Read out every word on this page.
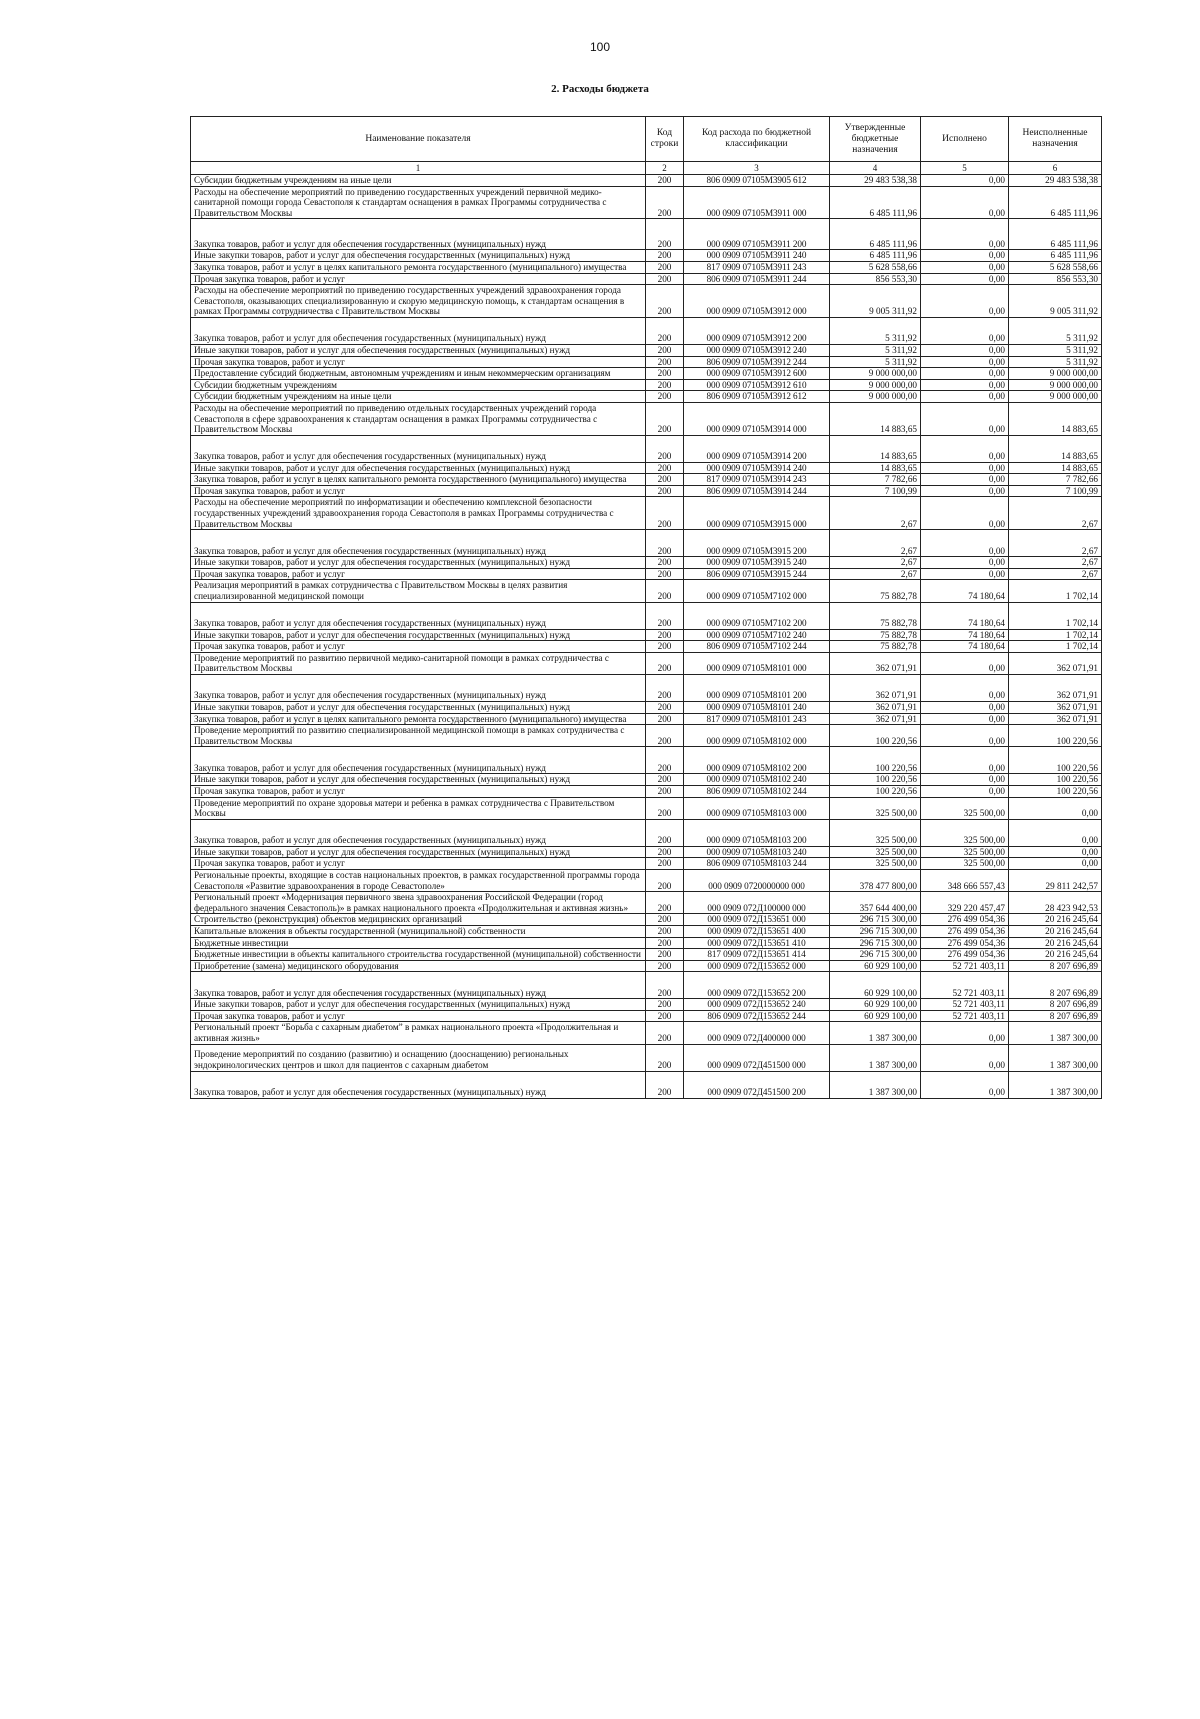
100
2. Расходы бюджета
Наименование показателя	Код строки	Код расхода по бюджетной классификации	Утвержденные бюджетные назначения	Исполнено	Неисполненные назначения
1	2	3	4	5	6
Субсидии бюджетным учреждениям на иные цели	200	806 0909 07105М3905 612	29 483 538,38	0,00	29 483 538,38
Расходы на обеспечение мероприятий по приведению государственных учреждений первичной медико-санитарной помощи города Севастополя к стандартам оснащения в рамках Программы сотрудничества с Правительством Москвы	200	000 0909 07105М3911 000	6 485 111,96	0,00	6 485 111,96
Закупка товаров, работ и услуг для обеспечения государственных (муниципальных) нужд	200	000 0909 07105М3911 200	6 485 111,96	0,00	6 485 111,96
Иные закупки товаров, работ и услуг для обеспечения государственных (муниципальных) нужд	200	000 0909 07105М3911 240	6 485 111,96	0,00	6 485 111,96
Закупка товаров, работ и услуг в целях капитального ремонта государственного (муниципального) имущества	200	817 0909 07105М3911 243	5 628 558,66	0,00	5 628 558,66
Прочая закупка товаров, работ и услуг	200	806 0909 07105М3911 244	856 553,30	0,00	856 553,30
Расходы на обеспечение мероприятий по приведению государственных учреждений здравоохранения города Севастополя, оказывающих специализированную и скорую медицинскую помощь, к стандартам оснащения в рамках Программы сотрудничества с Правительством Москвы	200	000 0909 07105М3912 000	9 005 311,92	0,00	9 005 311,92
Закупка товаров, работ и услуг для обеспечения государственных (муниципальных) нужд	200	000 0909 07105М3912 200	5 311,92	0,00	5 311,92
Иные закупки товаров, работ и услуг для обеспечения государственных (муниципальных) нужд	200	000 0909 07105М3912 240	5 311,92	0,00	5 311,92
Прочая закупка товаров, работ и услуг	200	806 0909 07105М3912 244	5 311,92	0,00	5 311,92
Предоставление субсидий бюджетным, автономным учреждениям и иным некоммерческим организациям	200	000 0909 07105М3912 600	9 000 000,00	0,00	9 000 000,00
Субсидии бюджетным учреждениям	200	000 0909 07105М3912 610	9 000 000,00	0,00	9 000 000,00
Субсидии бюджетным учреждениям на иные цели	200	806 0909 07105М3912 612	9 000 000,00	0,00	9 000 000,00
Расходы на обеспечение мероприятий по приведению отдельных государственных учреждений города Севастополя в сфере здравоохранения к стандартам оснащения в рамках Программы сотрудничества с Правительством Москвы	200	000 0909 07105М3914 000	14 883,65	0,00	14 883,65
Закупка товаров, работ и услуг для обеспечения государственных (муниципальных) нужд	200	000 0909 07105М3914 200	14 883,65	0,00	14 883,65
Иные закупки товаров, работ и услуг для обеспечения государственных (муниципальных) нужд	200	000 0909 07105М3914 240	14 883,65	0,00	14 883,65
Закупка товаров, работ и услуг в целях капитального ремонта государственного (муниципального) имущества	200	817 0909 07105М3914 243	7 782,66	0,00	7 782,66
Прочая закупка товаров, работ и услуг	200	806 0909 07105М3914 244	7 100,99	0,00	7 100,99
Расходы на обеспечение мероприятий по информатизации и обеспечению комплексной безопасности государственных учреждений здравоохранения города Севастополя в рамках Программы сотрудничества с Правительством Москвы	200	000 0909 07105М3915 000	2,67	0,00	2,67
Закупка товаров, работ и услуг для обеспечения государственных (муниципальных) нужд	200	000 0909 07105М3915 200	2,67	0,00	2,67
Иные закупки товаров, работ и услуг для обеспечения государственных (муниципальных) нужд	200	000 0909 07105М3915 240	2,67	0,00	2,67
Прочая закупка товаров, работ и услуг	200	806 0909 07105М3915 244	2,67	0,00	2,67
Реализация мероприятий в рамках сотрудничества с Правительством Москвы в целях развития специализированной медицинской помощи	200	000 0909 07105М7102 000	75 882,78	74 180,64	1 702,14
Закупка товаров, работ и услуг для обеспечения государственных (муниципальных) нужд	200	000 0909 07105М7102 200	75 882,78	74 180,64	1 702,14
Иные закупки товаров, работ и услуг для обеспечения государственных (муниципальных) нужд	200	000 0909 07105М7102 240	75 882,78	74 180,64	1 702,14
Прочая закупка товаров, работ и услуг	200	806 0909 07105М7102 244	75 882,78	74 180,64	1 702,14
Проведение мероприятий по развитию первичной медико-санитарной помощи в рамках сотрудничества с Правительством Москвы	200	000 0909 07105М8101 000	362 071,91	0,00	362 071,91
Закупка товаров, работ и услуг для обеспечения государственных (муниципальных) нужд	200	000 0909 07105М8101 200	362 071,91	0,00	362 071,91
Иные закупки товаров, работ и услуг для обеспечения государственных (муниципальных) нужд	200	000 0909 07105М8101 240	362 071,91	0,00	362 071,91
Закупка товаров, работ и услуг в целях капитального ремонта государственного (муниципального) имущества	200	817 0909 07105М8101 243	362 071,91	0,00	362 071,91
Проведение мероприятий по развитию специализированной медицинской помощи в рамках сотрудничества с Правительством Москвы	200	000 0909 07105М8102 000	100 220,56	0,00	100 220,56
Закупка товаров, работ и услуг для обеспечения государственных (муниципальных) нужд	200	000 0909 07105М8102 200	100 220,56	0,00	100 220,56
Иные закупки товаров, работ и услуг для обеспечения государственных (муниципальных) нужд	200	000 0909 07105М8102 240	100 220,56	0,00	100 220,56
Прочая закупка товаров, работ и услуг	200	806 0909 07105М8102 244	100 220,56	0,00	100 220,56
Проведение мероприятий по охране здоровья матери и ребенка в рамках сотрудничества с Правительством Москвы	200	000 0909 07105М8103 000	325 500,00	325 500,00	0,00
Закупка товаров, работ и услуг для обеспечения государственных (муниципальных) нужд	200	000 0909 07105М8103 200	325 500,00	325 500,00	0,00
Иные закупки товаров, работ и услуг для обеспечения государственных (муниципальных) нужд	200	000 0909 07105М8103 240	325 500,00	325 500,00	0,00
Прочая закупка товаров, работ и услуг	200	806 0909 07105М8103 244	325 500,00	325 500,00	0,00
Региональные проекты, входящие в состав национальных проектов, в рамках государственной программы города Севастополя «Развитие здравоохранения в городе Севастополе»	200	000 0909 0720000000 000	378 477 800,00	348 666 557,43	29 811 242,57
Региональный проект «Модернизация первичного звена здравоохранения Российской Федерации (город федерального значения Севастополь)» в рамках национального проекта «Продолжительная и активная жизнь»	200	000 0909 072Д100000 000	357 644 400,00	329 220 457,47	28 423 942,53
Строительство (реконструкция) объектов медицинских организаций	200	000 0909 072Д153651 000	296 715 300,00	276 499 054,36	20 216 245,64
Капитальные вложения в объекты государственной (муниципальной) собственности	200	000 0909 072Д153651 400	296 715 300,00	276 499 054,36	20 216 245,64
Бюджетные инвестиции	200	000 0909 072Д153651 410	296 715 300,00	276 499 054,36	20 216 245,64
Бюджетные инвестиции в объекты капитального строительства государственной (муниципальной) собственности	200	817 0909 072Д153651 414	296 715 300,00	276 499 054,36	20 216 245,64
Приобретение (замена) медицинского оборудования	200	000 0909 072Д153652 000	60 929 100,00	52 721 403,11	8 207 696,89
Закупка товаров, работ и услуг для обеспечения государственных (муниципальных) нужд	200	000 0909 072Д153652 200	60 929 100,00	52 721 403,11	8 207 696,89
Иные закупки товаров, работ и услуг для обеспечения государственных (муниципальных) нужд	200	000 0909 072Д153652 240	60 929 100,00	52 721 403,11	8 207 696,89
Прочая закупка товаров, работ и услуг	200	806 0909 072Д153652 244	60 929 100,00	52 721 403,11	8 207 696,89
Региональный проект “Борьба с сахарным диабетом” в рамках национального проекта «Продолжительная и активная жизнь»	200	000 0909 072Д400000 000	1 387 300,00	0,00	1 387 300,00
Проведение мероприятий по созданию (развитию) и оснащению (дооснащению) региональных эндокринологических центров и школ для пациентов с сахарным диабетом	200	000 0909 072Д451500 000	1 387 300,00	0,00	1 387 300,00
Закупка товаров, работ и услуг для обеспечения государственных (муниципальных) нужд	200	000 0909 072Д451500 200	1 387 300,00	0,00	1 387 300,00
